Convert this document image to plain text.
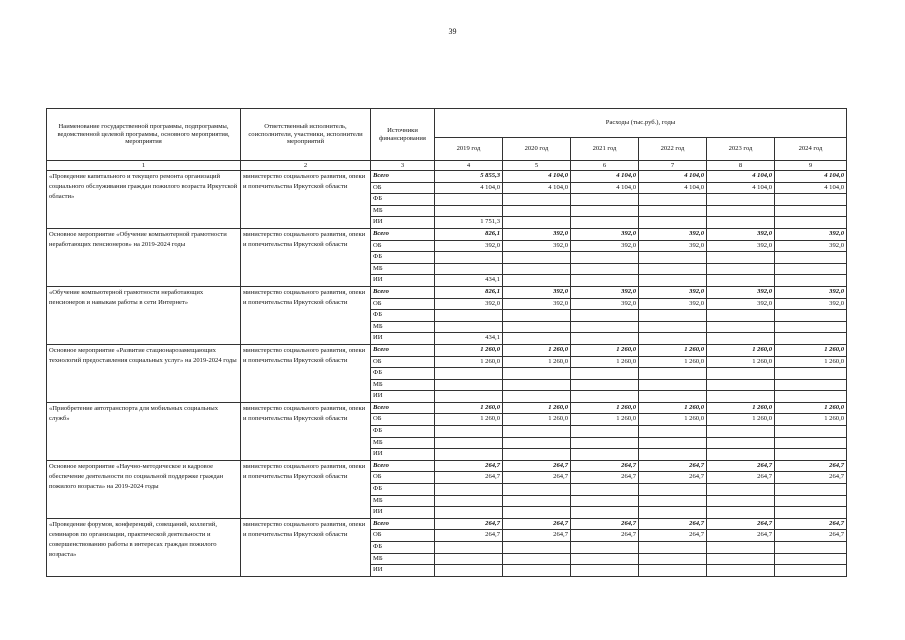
39
Наименование государственной программы, подпрограммы, ведомственной целевой программы, основного мероприятия, мероприятия	Ответственный исполнитель, соисполнители, участники, исполнители мероприятий	Источники финансирования	Расходы (тыс.руб.), годы					
			2019 год	2020 год	2021 год	2022 год	2023 год	2024 год
1	2	3	4	5	6	7	8	9
«Проведение капитального и текущего ремонта организаций социального обслуживания граждан пожилого возраста Иркутской области»	министерство социального развития, опеки и попечительства Иркутской области	Всего	5 855,3	4 104,0	4 104,0	4 104,0	4 104,0	4 104,0
		ОБ	4 104,0	4 104,0	4 104,0	4 104,0	4 104,0	4 104,0
		ФБ						
		МБ						
		ИИ	1 751,3					
Основное мероприятие «Обучение компьютерной грамотности неработающих пенсионеров» на 2019-2024 годы	министерство социального развития, опеки и попечительства Иркутской области	Всего	826,1	392,0	392,0	392,0	392,0	392,0
		ОБ	392,0	392,0	392,0	392,0	392,0	392,0
		ФБ						
		МБ						
		ИИ	434,1					
«Обучение компьютерной грамотности неработающих пенсионеров и навыкам работы в сети Интернет»	министерство социального развития, опеки и попечительства Иркутской области	Всего	826,1	392,0	392,0	392,0	392,0	392,0
		ОБ	392,0	392,0	392,0	392,0	392,0	392,0
		ФБ						
		МБ						
		ИИ	434,1					
Основное мероприятие «Развитие стационарозамещающих технологий предоставления социальных услуг» на 2019-2024 годы	министерство социального развития, опеки и попечительства Иркутской области	Всего	1 260,0	1 260,0	1 260,0	1 260,0	1 260,0	1 260,0
		ОБ	1 260,0	1 260,0	1 260,0	1 260,0	1 260,0	1 260,0
		ФБ						
		МБ						
		ИИ						
«Приобретение автотранспорта для мобильных социальных служб»	министерство социального развития, опеки и попечительства Иркутской области	Всего	1 260,0	1 260,0	1 260,0	1 260,0	1 260,0	1 260,0
		ОБ	1 260,0	1 260,0	1 260,0	1 260,0	1 260,0	1 260,0
		ФБ						
		МБ						
		ИИ						
Основное мероприятие «Научно-методическое и кадровое обеспечение деятельности по социальной поддержке граждан пожилого возраста» на 2019-2024 годы	министерство социального развития, опеки и попечительства Иркутской области	Всего	264,7	264,7	264,7	264,7	264,7	264,7
		ОБ	264,7	264,7	264,7	264,7	264,7	264,7
		ФБ						
		МБ						
		ИИ						
«Проведение форумов, конференций, совещаний, коллегий, семинаров по организации, практической деятельности и совершенствованию работы в интересах граждан пожилого возраста»	министерство социального развития, опеки и попечительства Иркутской области	Всего	264,7	264,7	264,7	264,7	264,7	264,7
		ОБ	264,7	264,7	264,7	264,7	264,7	264,7
		ФБ						
		МБ						
		ИИ						
